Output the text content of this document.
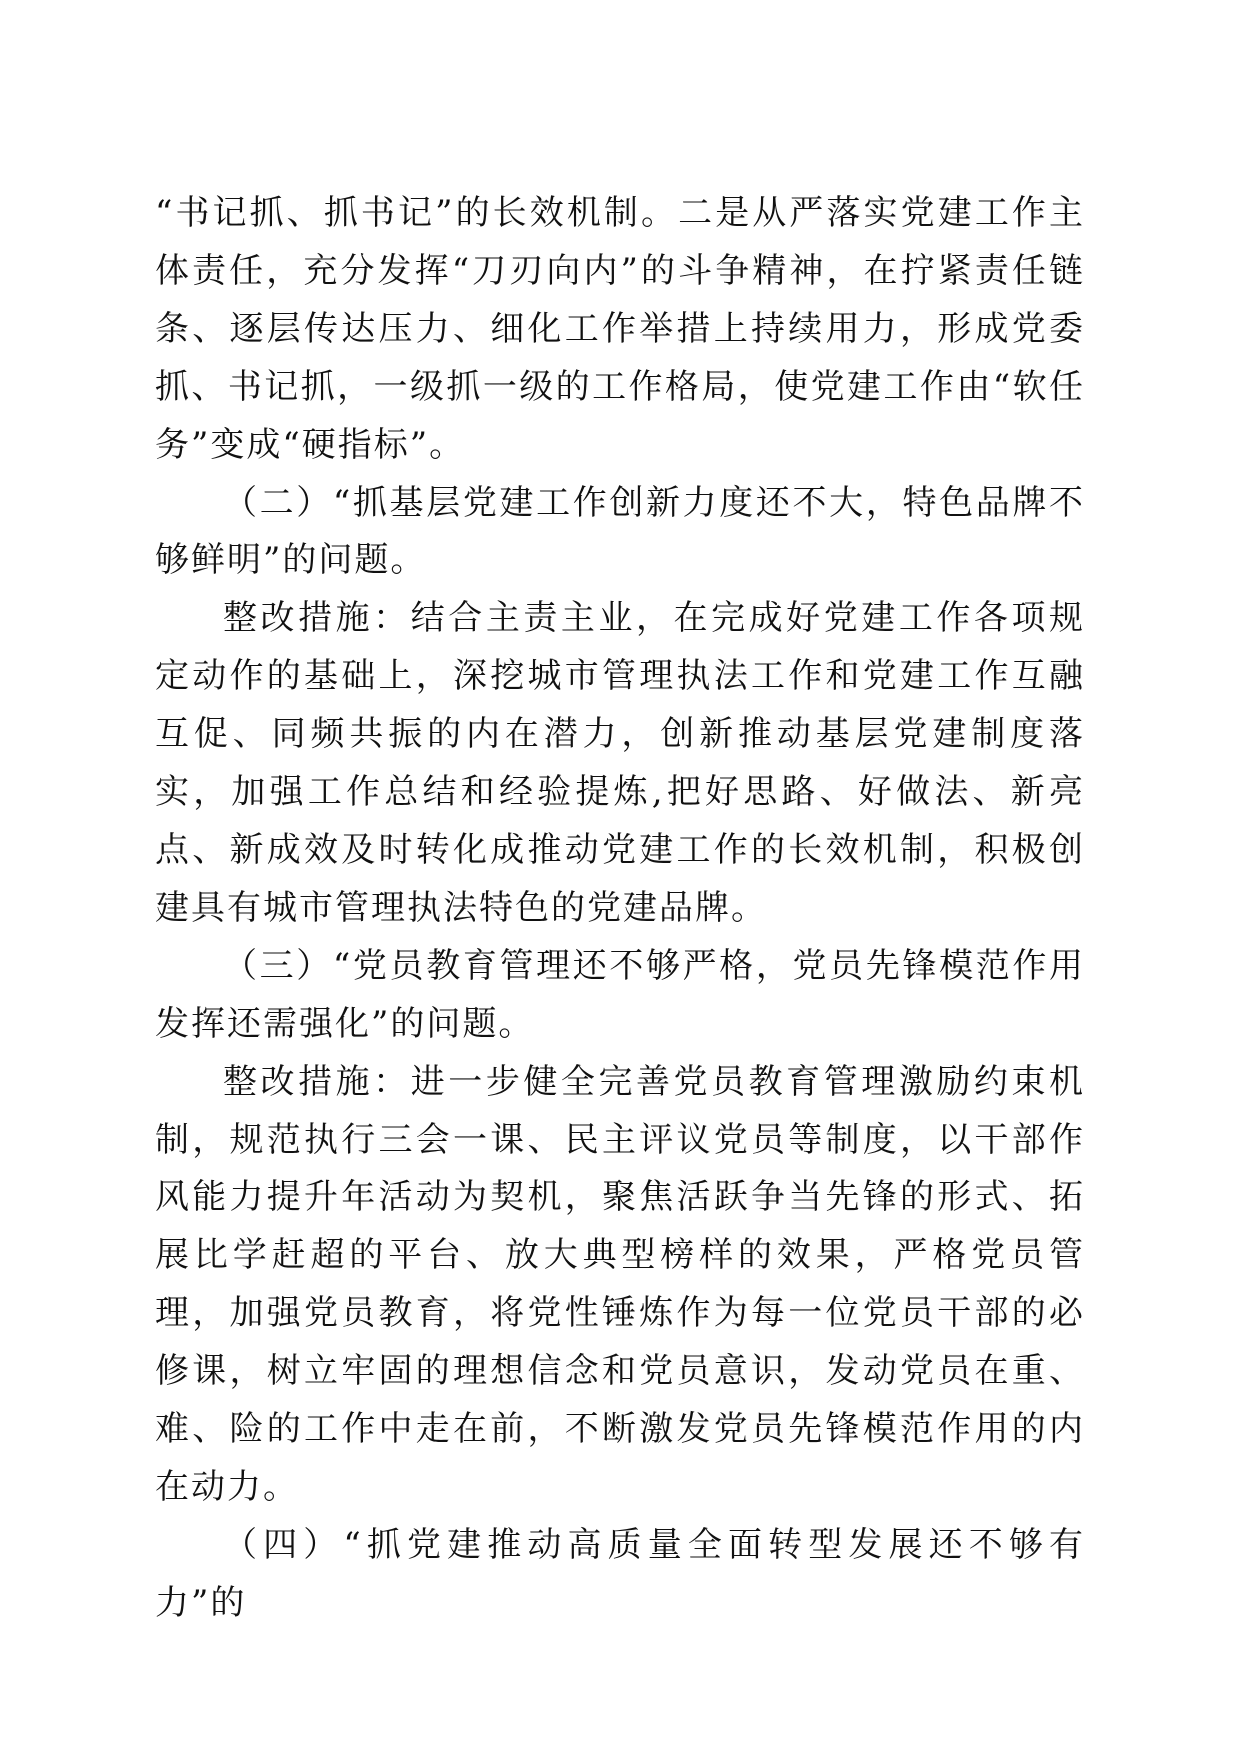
“书记抓、抓书记”的长效机制。二是从严落实党建工作主体责任，充分发挥“刀刃向内”的斗争精神，在拧紧责任链条、逐层传达压力、细化工作举措上持续用力，形成党委抓、书记抓，一级抓一级的工作格局，使党建工作由“软任务”变成“硬指标”。

（二）“抓基层党建工作创新力度还不大，特色品牌不够鲜明”的问题。

整改措施：结合主责主业，在完成好党建工作各项规定动作的基础上，深挖城市管理执法工作和党建工作互融互促、同频共振的内在潜力，创新推动基层党建制度落实，加强工作总结和经验提炼,把好思路、好做法、新亮点、新成效及时转化成推动党建工作的长效机制，积极创建具有城市管理执法特色的党建品牌。

（三）“党员教育管理还不够严格，党员先锋模范作用发挥还需强化”的问题。

整改措施：进一步健全完善党员教育管理激励约束机制，规范执行三会一课、民主评议党员等制度，以干部作风能力提升年活动为契机，聚焦活跃争当先锋的形式、拓展比学赶超的平台、放大典型榜样的效果，严格党员管理，加强党员教育，将党性锤炼作为每一位党员干部的必修课，树立牢固的理想信念和党员意识，发动党员在重、难、险的工作中走在前，不断激发党员先锋模范作用的内在动力。

（四）“抓党建推动高质量全面转型发展还不够有力”的
